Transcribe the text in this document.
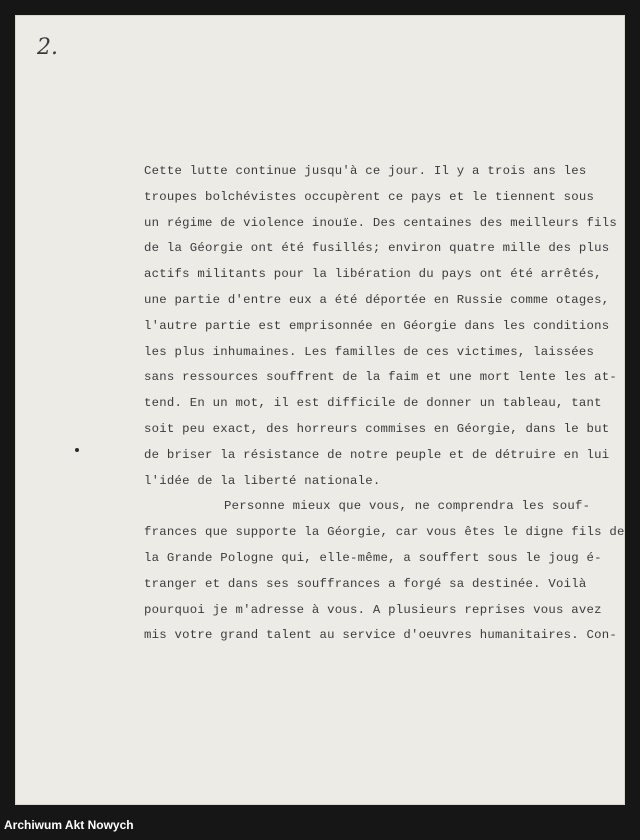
2.
Cette lutte continue jusqu'à ce jour. Il y a trois ans les
troupes bolchévistes occupèrent ce pays et le tiennent sous
un régime de violence inouïe. Des centaines des meilleurs fils
de la Géorgie ont été fusillés; environ quatre mille des plus
actifs militants pour la libération du pays ont été arrêtés,
une partie d'entre eux a été déportée en Russie comme otages,
l'autre partie est emprisonnée en Géorgie dans les conditions
les plus inhumaines. Les familles de ces victimes, laissées
sans ressources souffrent de la faim et une mort lente les at-
tend. En un mot, il est difficile de donner un tableau, tant
soit peu exact, des horreurs commises en Géorgie, dans le but
de briser la résistance de notre peuple et de détruire en lui
l'idée de la liberté nationale.
Personne mieux que vous, ne comprendra les souf-
frances que supporte la Géorgie, car vous êtes le digne fils de
la Grande Pologne qui, elle-même, a souffert sous le joug é-
tranger et dans ses souffrances a forgé sa destinée. Voilà
pourquoi je m'adresse à vous. A plusieurs reprises vous avez
mis votre grand talent au service d'oeuvres humanitaires. Con-
Archiwum Akt Nowych
